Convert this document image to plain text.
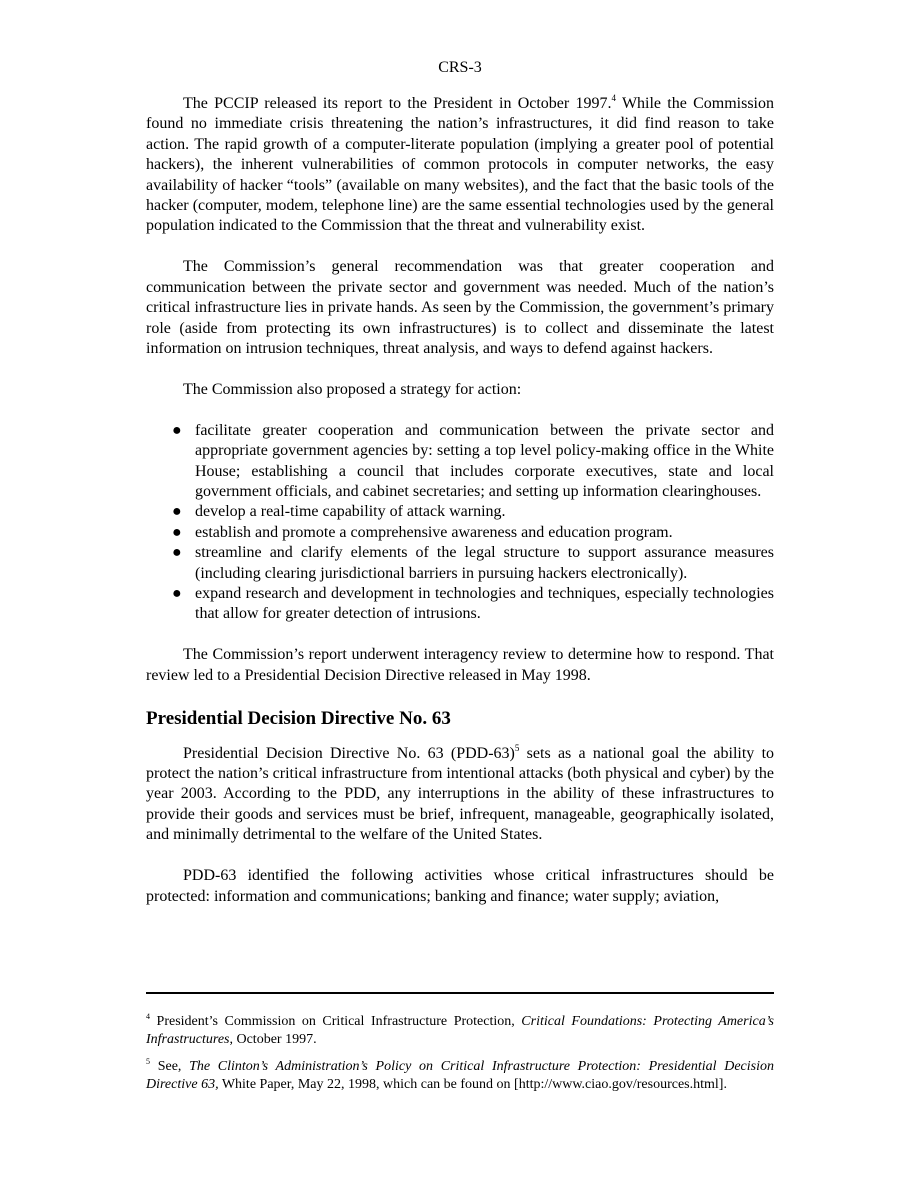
CRS-3

The PCCIP released its report to the President in October 1997.$^4$ While the Commission found no immediate crisis threatening the nation’s infrastructures, it did find reason to take action. The rapid growth of a computer-literate population (implying a greater pool of potential hackers), the inherent vulnerabilities of common protocols in computer networks, the easy availability of hacker “tools” (available on many websites), and the fact that the basic tools of the hacker (computer, modem, telephone line) are the same essential technologies used by the general population indicated to the Commission that the threat and vulnerability exist.

The Commission’s general recommendation was that greater cooperation and communication between the private sector and government was needed. Much of the nation’s critical infrastructure lies in private hands. As seen by the Commission, the government’s primary role (aside from protecting its own infrastructures) is to collect and disseminate the latest information on intrusion techniques, threat analysis, and ways to defend against hackers.

The Commission also proposed a strategy for action:

● facilitate greater cooperation and communication between the private sector and appropriate government agencies by: setting a top level policy-making office in the White House; establishing a council that includes corporate executives, state and local government officials, and cabinet secretaries; and setting up information clearinghouses.
● develop a real-time capability of attack warning.
● establish and promote a comprehensive awareness and education program.
● streamline and clarify elements of the legal structure to support assurance measures (including clearing jurisdictional barriers in pursuing hackers electronically).
● expand research and development in technologies and techniques, especially technologies that allow for greater detection of intrusions.

The Commission’s report underwent interagency review to determine how to respond. That review led to a Presidential Decision Directive released in May 1998.

Presidential Decision Directive No. 63

Presidential Decision Directive No. 63 $(PDD-63)^5$ sets as a national goal the ability to protect the nation’s critical infrastructure from intentional attacks (both physical and cyber) by the year 2003. According to the PDD, any interruptions in the ability of these infrastructures to provide their goods and services must be brief, infrequent, manageable, geographically isolated, and minimally detrimental to the welfare of the United States.

PDD-63 identified the following activities whose critical infrastructures should be protected: information and communications; banking and finance; water supply; aviation,

$^4$ President’s Commission on Critical Infrastructure Protection, Critical Foundations: Protecting America’s Infrastructures, October 1997.
$^5$ See, The Clinton’s Administration’s Policy on Critical Infrastructure Protection: Presidential Decision Directive 63, White Paper, May 22, 1998, which can be found on [http://www.ciao.gov/resources.html].
